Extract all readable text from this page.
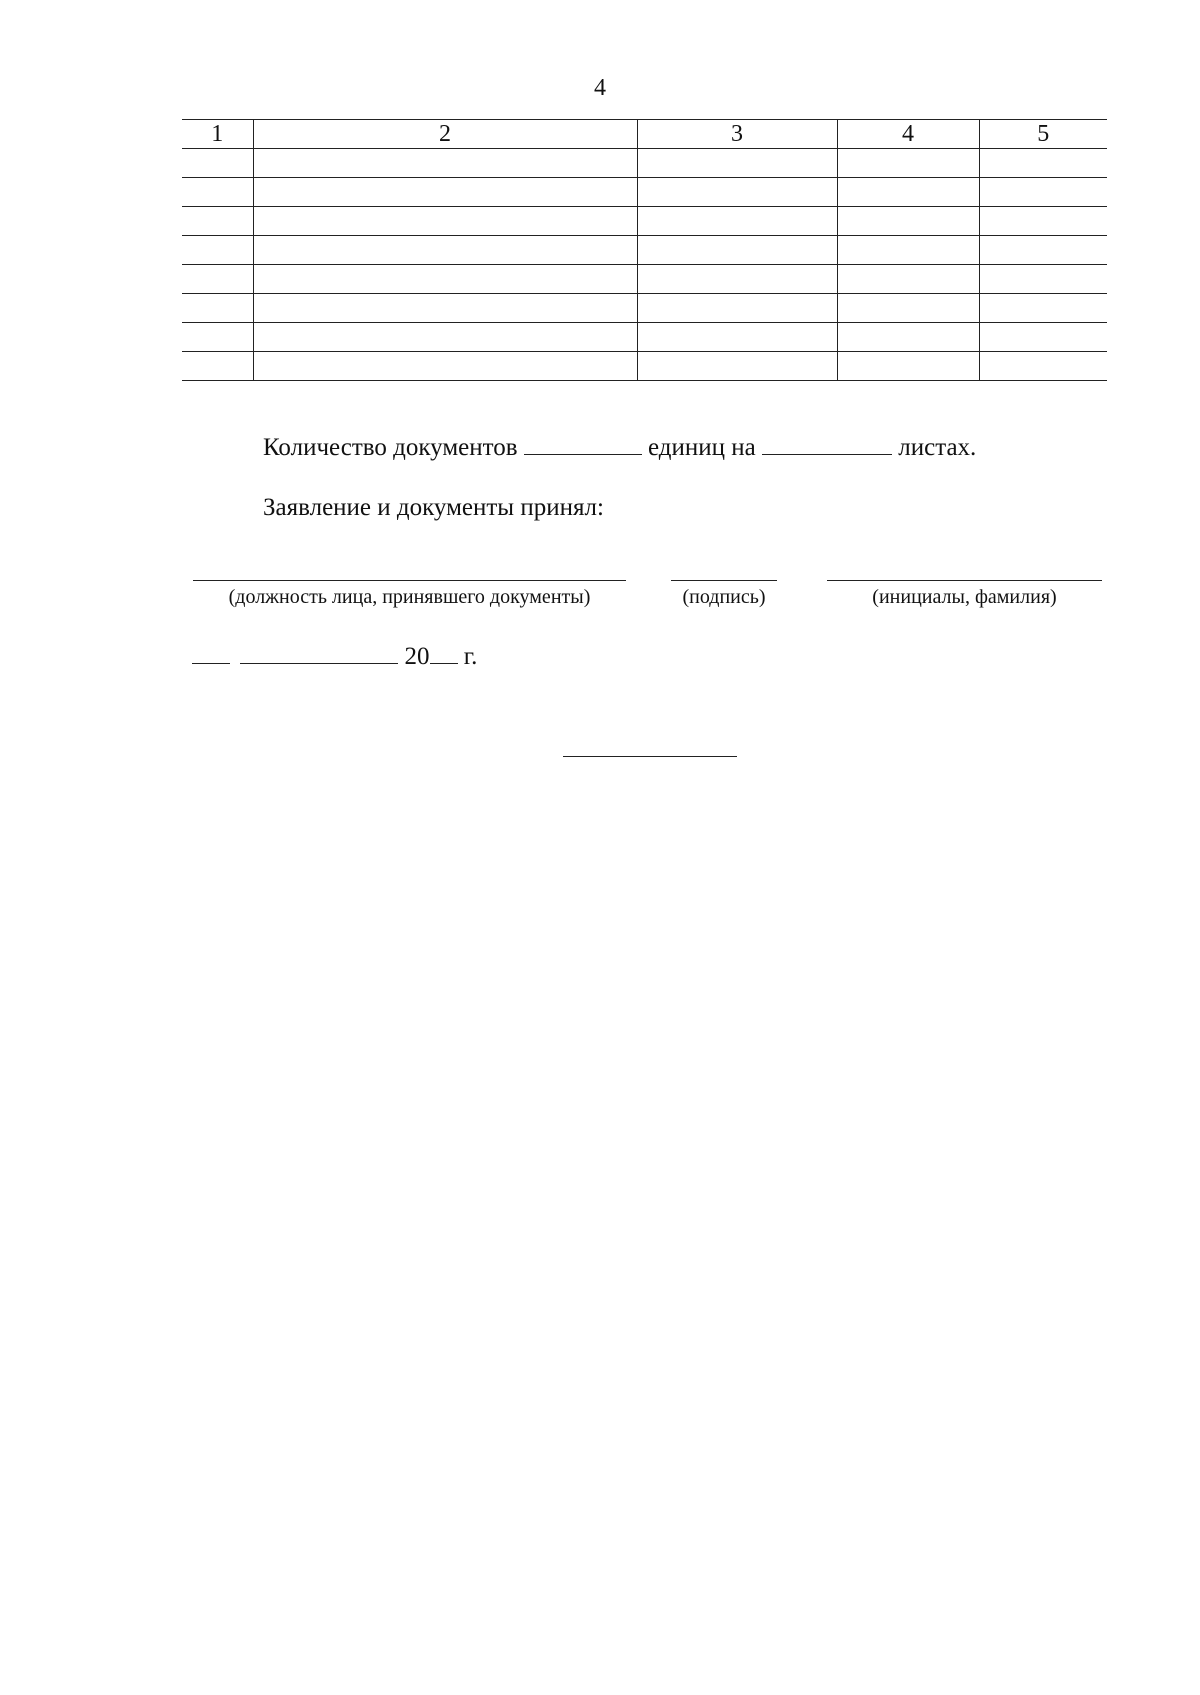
4
1	2	3	4	5

Количество документов	единиц на	листах.
Заявление и документы принял:
(должность лица, принявшего документы)	(подпись)	(инициалы, фамилия)
20 г.
